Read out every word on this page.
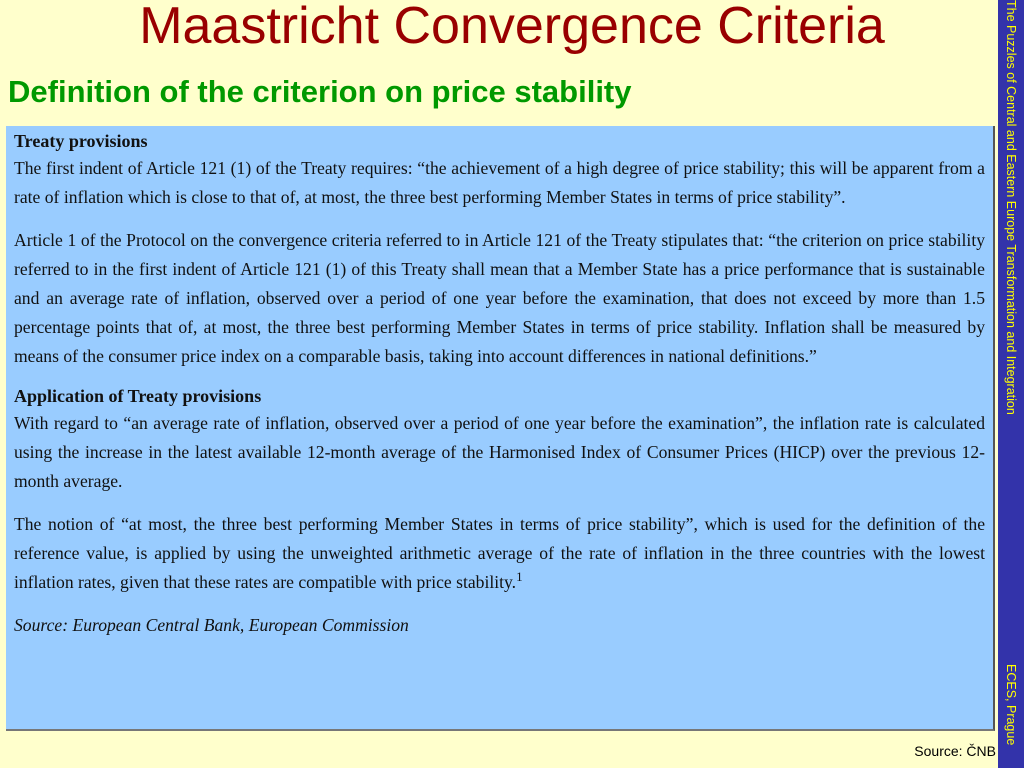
Maastricht Convergence Criteria
Definition of the criterion on price stability
Treaty provisions

The first indent of Article 121 (1) of the Treaty requires: “the achievement of a high degree of price stability; this will be apparent from a rate of inflation which is close to that of, at most, the three best performing Member States in terms of price stability”.

Article 1 of the Protocol on the convergence criteria referred to in Article 121 of the Treaty stipulates that: “the criterion on price stability referred to in the first indent of Article 121 (1) of this Treaty shall mean that a Member State has a price performance that is sustainable and an average rate of inflation, observed over a period of one year before the examination, that does not exceed by more than 1.5 percentage points that of, at most, the three best performing Member States in terms of price stability. Inflation shall be measured by means of the consumer price index on a comparable basis, taking into account differences in national definitions.”

Application of Treaty provisions

With regard to “an average rate of inflation, observed over a period of one year before the examination”, the inflation rate is calculated using the increase in the latest available 12-month average of the Harmonised Index of Consumer Prices (HICP) over the previous 12-month average.

The notion of “at most, the three best performing Member States in terms of price stability”, which is used for the definition of the reference value, is applied by using the unweighted arithmetic average of the rate of inflation in the three countries with the lowest inflation rates, given that these rates are compatible with price stability.$^1$

Source: European Central Bank, European Commission
The Puzzles of Central and Eastern Europe Transformation and Integration
ECES, Prague
Source: ČNB
